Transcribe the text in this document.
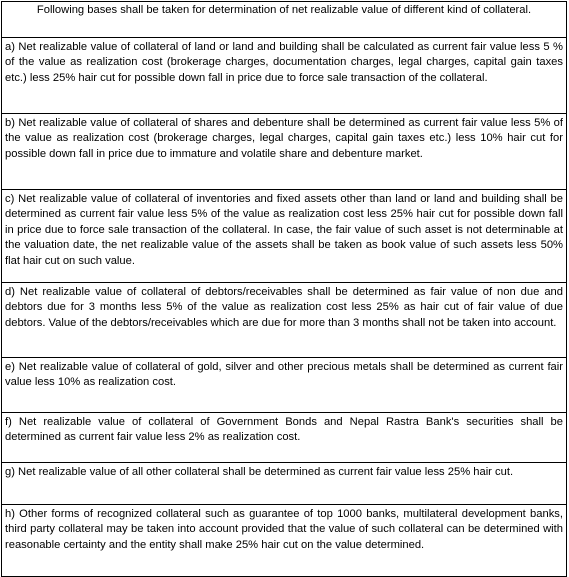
Following bases shall be taken for determination of net realizable value of different kind of collateral.
a) Net realizable value of collateral of land or land and building shall be calculated as current fair value less 5 % of the value as realization cost (brokerage charges, documentation charges, legal charges, capital gain taxes etc.) less 25% hair cut for possible down fall in price due to force sale transaction of the collateral.
b) Net realizable value of collateral of shares and debenture shall be determined as current fair value less 5% of the value as realization cost (brokerage charges, legal charges, capital gain taxes etc.) less 10% hair cut for possible down fall in price due to immature and volatile share and debenture market.
c) Net realizable value of collateral of inventories and fixed assets other than land or land and building shall be determined as current fair value less 5% of the value as realization cost less 25% hair cut for possible down fall in price due to force sale transaction of the collateral. In case, the fair value of such asset is not determinable at the valuation date, the net realizable value of the assets shall be taken as book value of such assets less 50% flat hair cut on such value.
d) Net realizable value of collateral of debtors/receivables shall be determined as fair value of non due and debtors due for 3 months less 5% of the value as realization cost less 25% as hair cut of fair value of due debtors. Value of the debtors/receivables which are due for more than 3 months shall not be taken into account.
e) Net realizable value of collateral of gold, silver and other precious metals shall be determined as current fair value less 10% as realization cost.
f) Net realizable value of collateral of Government Bonds and Nepal Rastra Bank's securities shall be determined as current fair value less 2% as realization cost.
g) Net realizable value of all other collateral shall be determined as current fair value less 25% hair cut.
h) Other forms of recognized collateral such as guarantee of top 1000 banks, multilateral development banks, third party collateral may be taken into account provided that the value of such collateral can be determined with reasonable certainty and the entity shall make 25% hair cut on the value determined.
